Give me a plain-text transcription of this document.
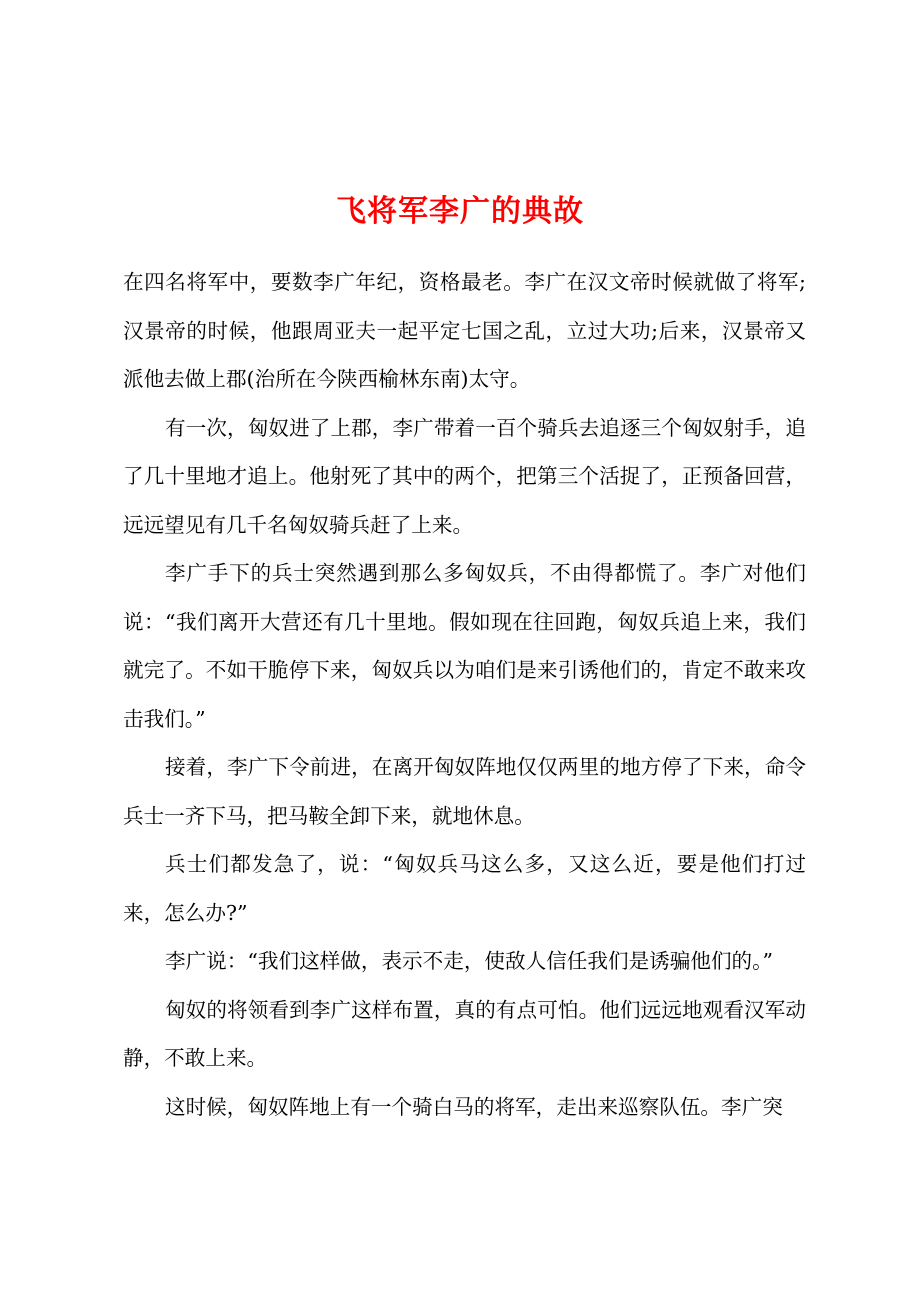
飞将军李广的典故

在四名将军中，要数李广年纪，资格最老。李广在汉文帝时候就做了将军;汉景帝的时候，他跟周亚夫一起平定七国之乱，立过大功;后来，汉景帝又派他去做上郡(治所在今陕西榆林东南)太守。

有一次，匈奴进了上郡，李广带着一百个骑兵去追逐三个匈奴射手，追了几十里地才追上。他射死了其中的两个，把第三个活捉了，正预备回营，远远望见有几千名匈奴骑兵赶了上来。

李广手下的兵士突然遇到那么多匈奴兵，不由得都慌了。李广对他们说：“我们离开大营还有几十里地。假如现在往回跑，匈奴兵追上来，我们就完了。不如干脆停下来，匈奴兵以为咱们是来引诱他们的，肯定不敢来攻击我们。”

接着，李广下令前进，在离开匈奴阵地仅仅两里的地方停了下来，命令兵士一齐下马，把马鞍全卸下来，就地休息。

兵士们都发急了，说：“匈奴兵马这么多，又这么近，要是他们打过来，怎么办?”

李广说：“我们这样做，表示不走，使敌人信任我们是诱骗他们的。”

匈奴的将领看到李广这样布置，真的有点可怕。他们远远地观看汉军动静，不敢上来。

这时候，匈奴阵地上有一个骑白马的将军，走出来巡察队伍。李广突
